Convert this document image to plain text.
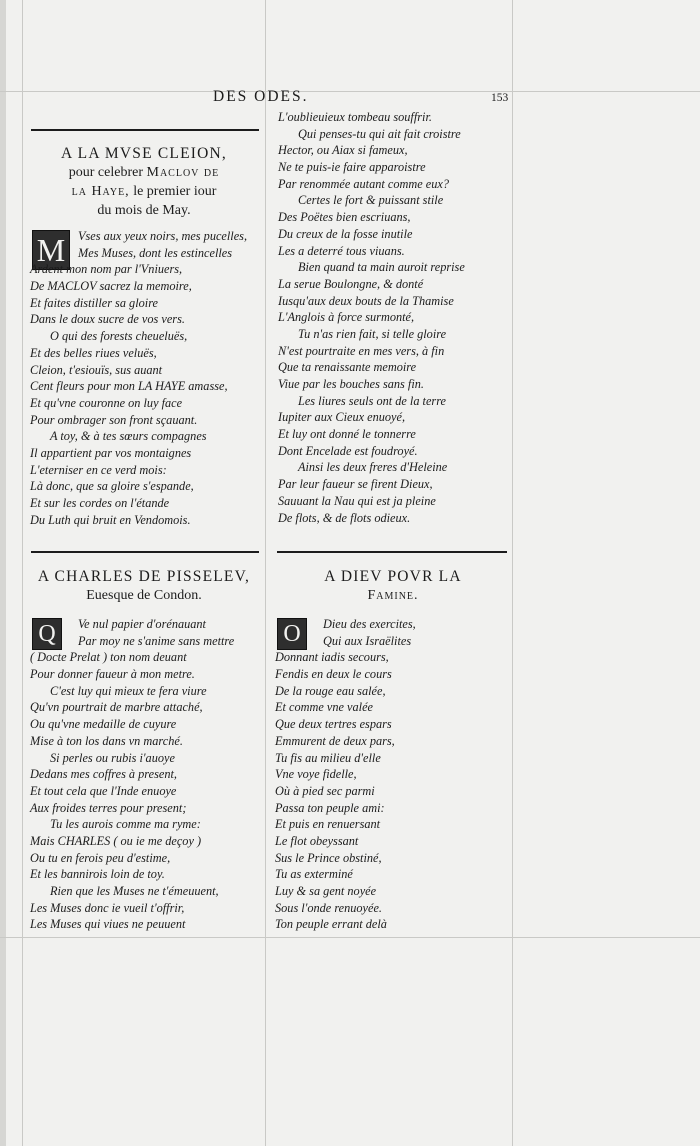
DES ODES.	153
A LA MVSE CLEION,
pour celebrer Maclov de
la Haye, le premier iour
du mois de May.
M	Vses aux yeux noirs, mes pucelles,
Mes Muses, dont les estincelles
Ardent mon nom par l'Vniuers,
De MACLOV sacrez la memoire,
Et faites distiller sa gloire
Dans le doux sucre de vos vers.
O qui des forests cheueluës,
Et des belles riues veluës,
Cleion, t'esiouïs, sus auant
Cent fleurs pour mon LA HAYE amasse,
Et qu'vne couronne on luy face
Pour ombrager son front sçauant.
A toy, & à tes sœurs compagnes
Il appartient par vos montaignes
L'eterniser en ce verd mois:
Là donc, que sa gloire s'espande,
Et sur les cordes on l'étande
Du Luth qui bruit en Vendomois.
L'oublieuieux tombeau souffrir.
Qui penses-tu qui ait fait croistre
Hector, ou Aiax si fameux,
Ne te puis-ie faire apparoistre
Par renommée autant comme eux?
Certes le fort & puissant stile
Des Poëtes bien escriuans,
Du creux de la fosse inutile
Les a deterré tous viuans.
Bien quand ta main auroit reprise
La serue Boulongne, & donté
Iusqu'aux deux bouts de la Thamise
L'Anglois à force surmonté,
Tu n'as rien fait, si telle gloire
N'est pourtraite en mes vers, à fin
Que ta renaissante memoire
Viue par les bouches sans fin.
Les liures seuls ont de la terre
Iupiter aux Cieux enuoyé,
Et luy ont donné le tonnerre
Dont Encelade est foudroyé.
Ainsi les deux freres d'Heleine
Par leur faueur se firent Dieux,
Sauuant la Nau qui est ja pleine
De flots, & de flots odieux.
A CHARLES DE PISSELEV,
Euesque de Condon.
Q	Ve nul papier d'orénauant
Par moy ne s'anime sans mettre
( Docte Prelat ) ton nom deuant
Pour donner faueur à mon metre.
C'est luy qui mieux te fera viure
Qu'vn pourtrait de marbre attaché,
Ou qu'vne medaille de cuyure
Mise à ton los dans vn marché.
Si perles ou rubis i'auoye
Dedans mes coffres à present,
Et tout cela que l'Inde enuoye
Aux froides terres pour present;
Tu les aurois comme ma ryme:
Mais CHARLES ( ou ie me deçoy )
Ou tu en ferois peu d'estime,
Et les bannirois loin de toy.
Rien que les Muses ne t'émeuuent,
Les Muses donc ie vueil t'offrir,
Les Muses qui viues ne peuuent
A DIEV POVR LA
Famine.
O	Dieu des exercites,
Qui aux Israëlites
Donnant iadis secours,
Fendis en deux le cours
De la rouge eau salée,
Et comme vne valée
Que deux tertres espars
Emmurent de deux pars,
Tu fis au milieu d'elle
Vne voye fidelle,
Où à pied sec parmi
Passa ton peuple ami:
Et puis en renuersant
Le flot obeyssant
Sus le Prince obstiné,
Tu as exterminé
Luy & sa gent noyée
Sous l'onde renuoyée.
Ton peuple errant delà
